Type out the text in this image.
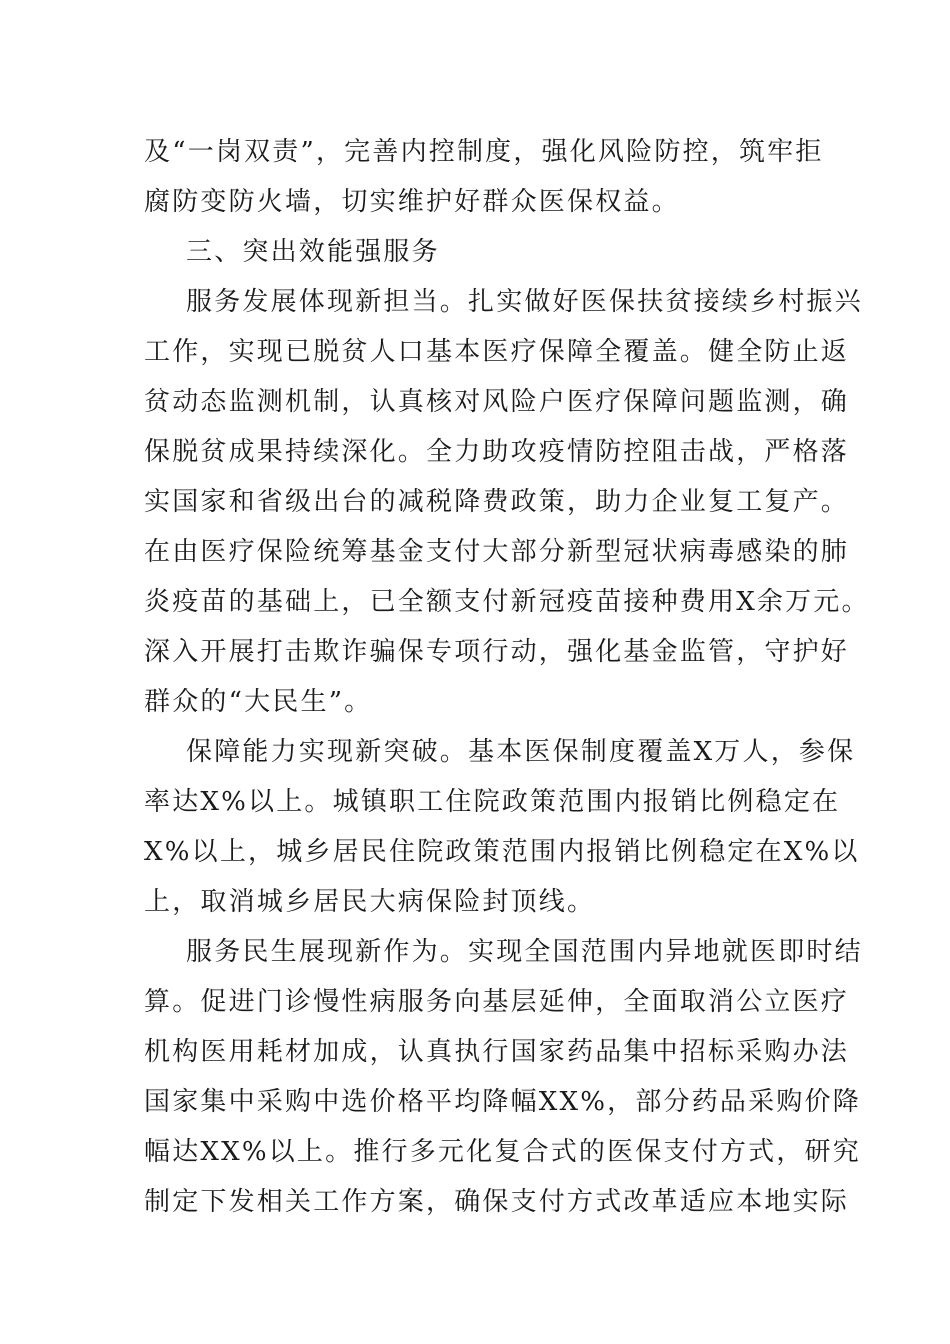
及“一岗双责”，完善内控制度，强化风险防控，筑牢拒
腐防变防火墙，切实维护好群众医保权益。
三、突出效能强服务
服务发展体现新担当。扎实做好医保扶贫接续乡村振兴
工作，实现已脱贫人口基本医疗保障全覆盖。健全防止返
贫动态监测机制，认真核对风险户医疗保障问题监测，确
保脱贫成果持续深化。全力助攻疫情防控阻击战，严格落
实国家和省级出台的减税降费政策，助力企业复工复产。
在由医疗保险统筹基金支付大部分新型冠状病毒感染的肺
炎疫苗的基础上，已全额支付新冠疫苗接种费用X余万元。
深入开展打击欺诈骗保专项行动，强化基金监管，守护好
群众的“大民生”。
保障能力实现新突破。基本医保制度覆盖X万人，参保
率达X%以上。城镇职工住院政策范围内报销比例稳定在
X%以上，城乡居民住院政策范围内报销比例稳定在X%以
上，取消城乡居民大病保险封顶线。
服务民生展现新作为。实现全国范围内异地就医即时结
算。促进门诊慢性病服务向基层延伸，全面取消公立医疗
机构医用耗材加成，认真执行国家药品集中招标采购办法
国家集中采购中选价格平均降幅XX%，部分药品采购价降
幅达XX%以上。推行多元化复合式的医保支付方式，研究
制定下发相关工作方案，确保支付方式改革适应本地实际
